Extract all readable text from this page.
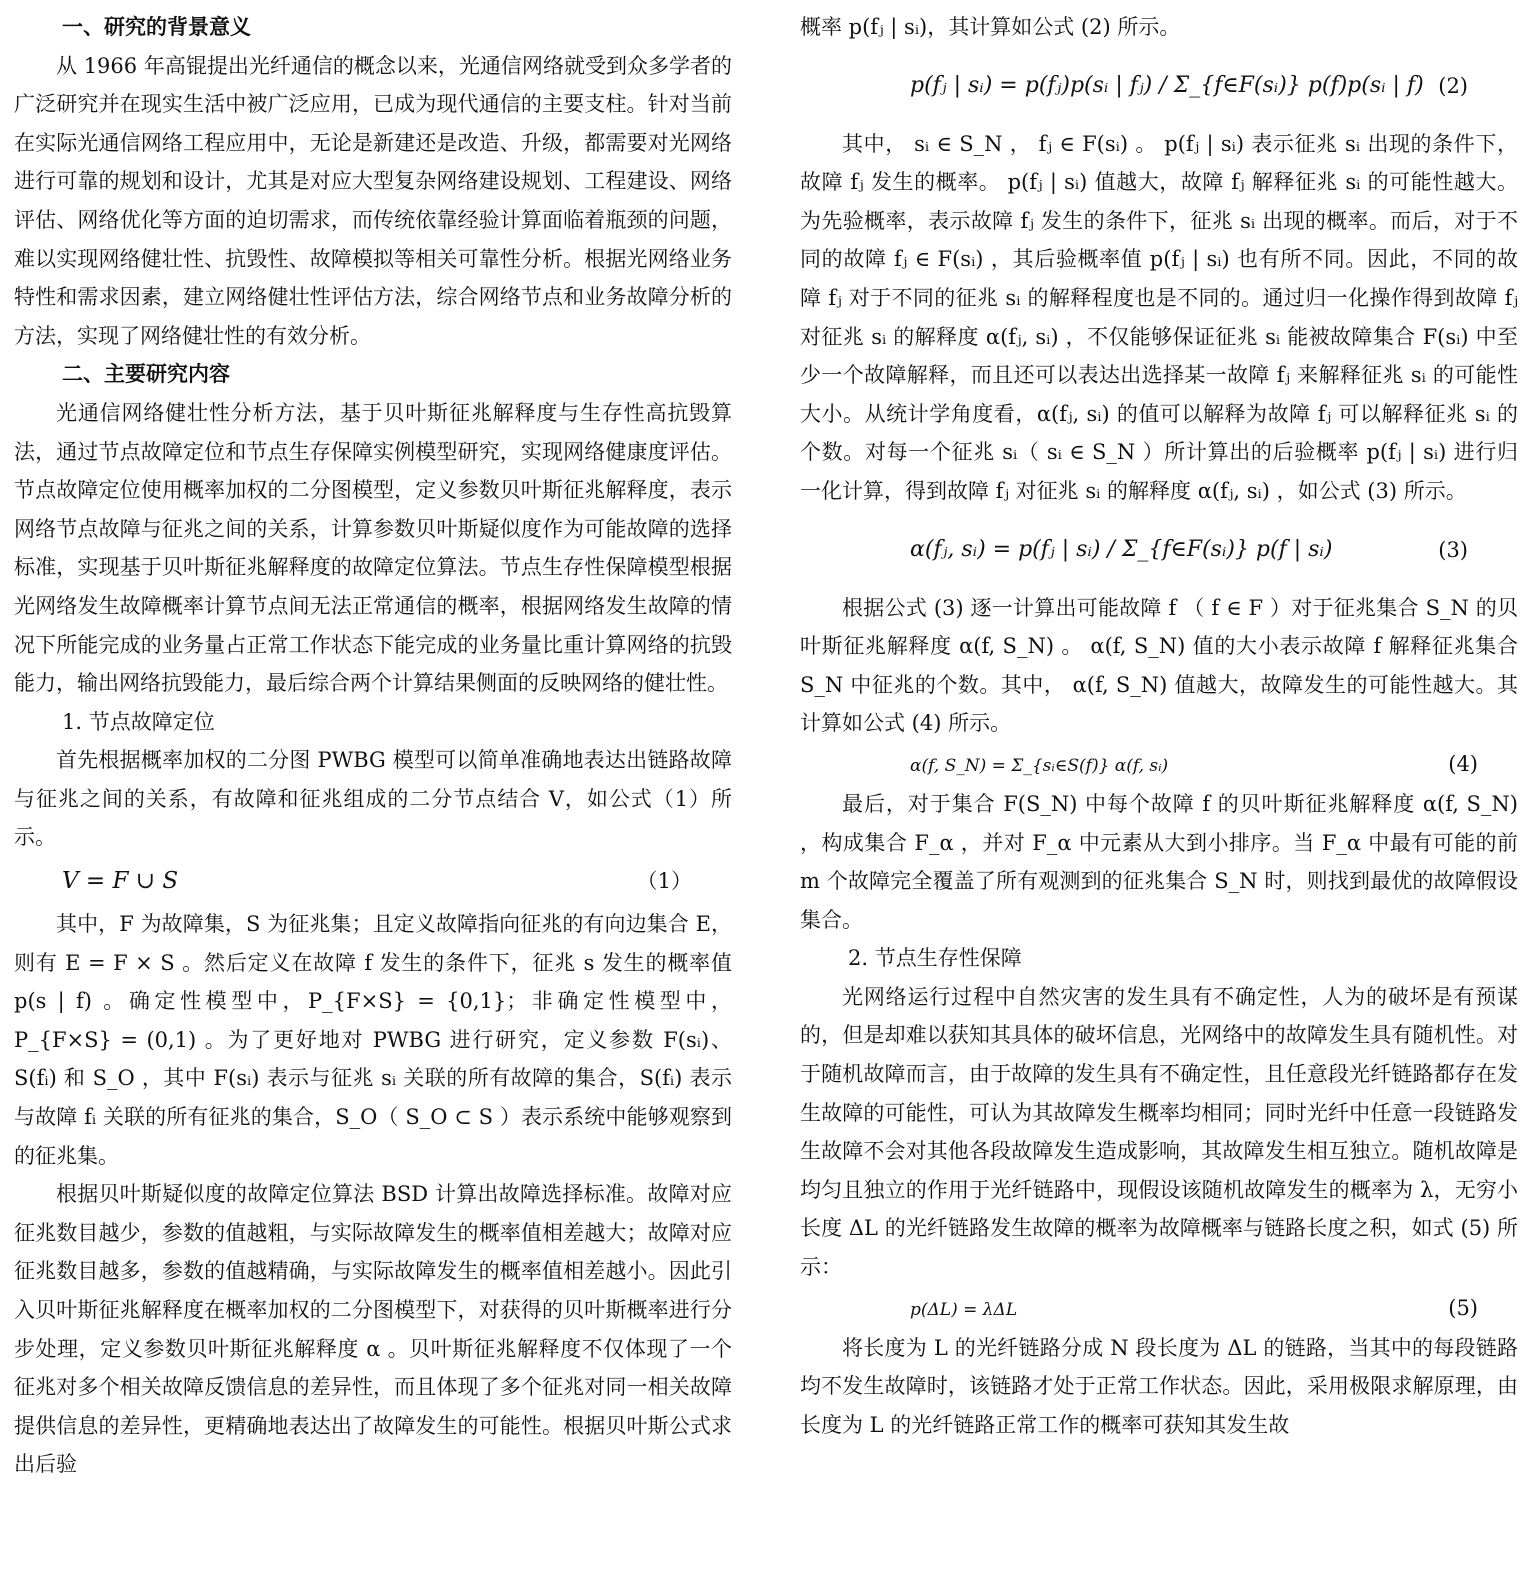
一、研究的背景意义

从 1966 年高锟提出光纤通信的概念以来，光通信网络就受到众多学者的广泛研究并在现实生活中被广泛应用，已成为现代通信的主要支柱。针对当前在实际光通信网络工程应用中，无论是新建还是改造、升级，都需要对光网络进行可靠的规划和设计，尤其是对应大型复杂网络建设规划、工程建设、网络评估、网络优化等方面的迫切需求，而传统依靠经验计算面临着瓶颈的问题，难以实现网络健壮性、抗毁性、故障模拟等相关可靠性分析。根据光网络业务特性和需求因素，建立网络健壮性评估方法，综合网络节点和业务故障分析的方法，实现了网络健壮性的有效分析。

二、主要研究内容

光通信网络健壮性分析方法，基于贝叶斯征兆解释度与生存性高抗毁算法，通过节点故障定位和节点生存保障实例模型研究，实现网络健康度评估。节点故障定位使用概率加权的二分图模型，定义参数贝叶斯征兆解释度，表示网络节点故障与征兆之间的关系，计算参数贝叶斯疑似度作为可能故障的选择标准，实现基于贝叶斯征兆解释度的故障定位算法。节点生存性保障模型根据光网络发生故障概率计算节点间无法正常通信的概率，根据网络发生故障的情况下所能完成的业务量占正常工作状态下能完成的业务量比重计算网络的抗毁能力，输出网络抗毁能力，最后综合两个计算结果侧面的反映网络的健壮性。

1. 节点故障定位

首先根据概率加权的二分图 PWBG 模型可以简单准确地表达出链路故障与征兆之间的关系，有故障和征兆组成的二分节点结合 V，如公式（1）所示。

V = F ∪ S	（1）

其中，F 为故障集，S 为征兆集；且定义故障指向征兆的有向边集合 E，则有 E = F × S 。然后定义在故障 f 发生的条件下，征兆 s 发生的概率值 p(s | f) 。确定性模型中，P_{F×S} = {0,1}；非确定性模型中，P_{F×S} = (0,1) 。为了更好地对 PWBG 进行研究，定义参数 F(sᵢ)、S(fᵢ) 和 S_O ，其中 F(sᵢ) 表示与征兆 sᵢ 关联的所有故障的集合，S(fᵢ) 表示与故障 fᵢ 关联的所有征兆的集合，S_O（ S_O ⊂ S ）表示系统中能够观察到的征兆集。

根据贝叶斯疑似度的故障定位算法 BSD 计算出故障选择标准。故障对应征兆数目越少，参数的值越粗，与实际故障发生的概率值相差越大；故障对应征兆数目越多，参数的值越精确，与实际故障发生的概率值相差越小。因此引入贝叶斯征兆解释度在概率加权的二分图模型下，对获得的贝叶斯概率进行分步处理，定义参数贝叶斯征兆解释度 α 。贝叶斯征兆解释度不仅体现了一个征兆对多个相关故障反馈信息的差异性，而且体现了多个征兆对同一相关故障提供信息的差异性，更精确地表达出了故障发生的可能性。根据贝叶斯公式求出后验

概率 p(fⱼ | sᵢ)，其计算如公式 (2) 所示。

p(fⱼ | sᵢ) = p(fⱼ)p(sᵢ | fⱼ) / Σ_{f∈F(sᵢ)} p(f)p(sᵢ | f) (2)

其中， sᵢ ∈ S_N ， fⱼ ∈ F(sᵢ) 。 p(fⱼ | sᵢ) 表示征兆 sᵢ 出现的条件下，故障 fⱼ 发生的概率。 p(fⱼ | sᵢ) 值越大，故障 fⱼ 解释征兆 sᵢ 的可能性越大。为先验概率，表示故障 fⱼ 发生的条件下，征兆 sᵢ 出现的概率。而后，对于不同的故障 fⱼ ∈ F(sᵢ) ，其后验概率值 p(fⱼ | sᵢ) 也有所不同。因此，不同的故障 fⱼ 对于不同的征兆 sᵢ 的解释程度也是不同的。通过归一化操作得到故障 fⱼ 对征兆 sᵢ 的解释度 α(fⱼ, sᵢ) ，不仅能够保证征兆 sᵢ 能被故障集合 F(sᵢ) 中至少一个故障解释，而且还可以表达出选择某一故障 fⱼ 来解释征兆 sᵢ 的可能性大小。从统计学角度看，α(fⱼ, sᵢ) 的值可以解释为故障 fⱼ 可以解释征兆 sᵢ 的个数。对每一个征兆 sᵢ（ sᵢ ∈ S_N ）所计算出的后验概率 p(fⱼ | sᵢ) 进行归一化计算，得到故障 fⱼ 对征兆 sᵢ 的解释度 α(fⱼ, sᵢ) ，如公式 (3) 所示。

α(fⱼ, sᵢ) = p(fⱼ | sᵢ) / Σ_{f∈F(sᵢ)} p(f | sᵢ)	(3)

根据公式 (3) 逐一计算出可能故障 f （ f ∈ F ）对于征兆集合 S_N 的贝叶斯征兆解释度 α(f, S_N) 。 α(f, S_N) 值的大小表示故障 f 解释征兆集合 S_N 中征兆的个数。其中， α(f, S_N) 值越大，故障发生的可能性越大。其计算如公式 (4) 所示。

α(f, S_N) = Σ_{sᵢ∈S(f)} α(f, sᵢ)	(4)

最后，对于集合 F(S_N) 中每个故障 f 的贝叶斯征兆解释度 α(f, S_N) ，构成集合 F_α ，并对 F_α 中元素从大到小排序。当 F_α 中最有可能的前 m 个故障完全覆盖了所有观测到的征兆集合 S_N 时，则找到最优的故障假设集合。

2. 节点生存性保障

光网络运行过程中自然灾害的发生具有不确定性，人为的破坏是有预谋的，但是却难以获知其具体的破坏信息，光网络中的故障发生具有随机性。对于随机故障而言，由于故障的发生具有不确定性，且任意段光纤链路都存在发生故障的可能性，可认为其故障发生概率均相同；同时光纤中任意一段链路发生故障不会对其他各段故障发生造成影响，其故障发生相互独立。随机故障是均匀且独立的作用于光纤链路中，现假设该随机故障发生的概率为 λ，无穷小长度 ΔL 的光纤链路发生故障的概率为故障概率与链路长度之积，如式 (5) 所示：

p(ΔL) = λΔL	(5)

将长度为 L 的光纤链路分成 N 段长度为 ΔL 的链路，当其中的每段链路均不发生故障时，该链路才处于正常工作状态。因此，采用极限求解原理，由长度为 L 的光纤链路正常工作的概率可获知其发生故
